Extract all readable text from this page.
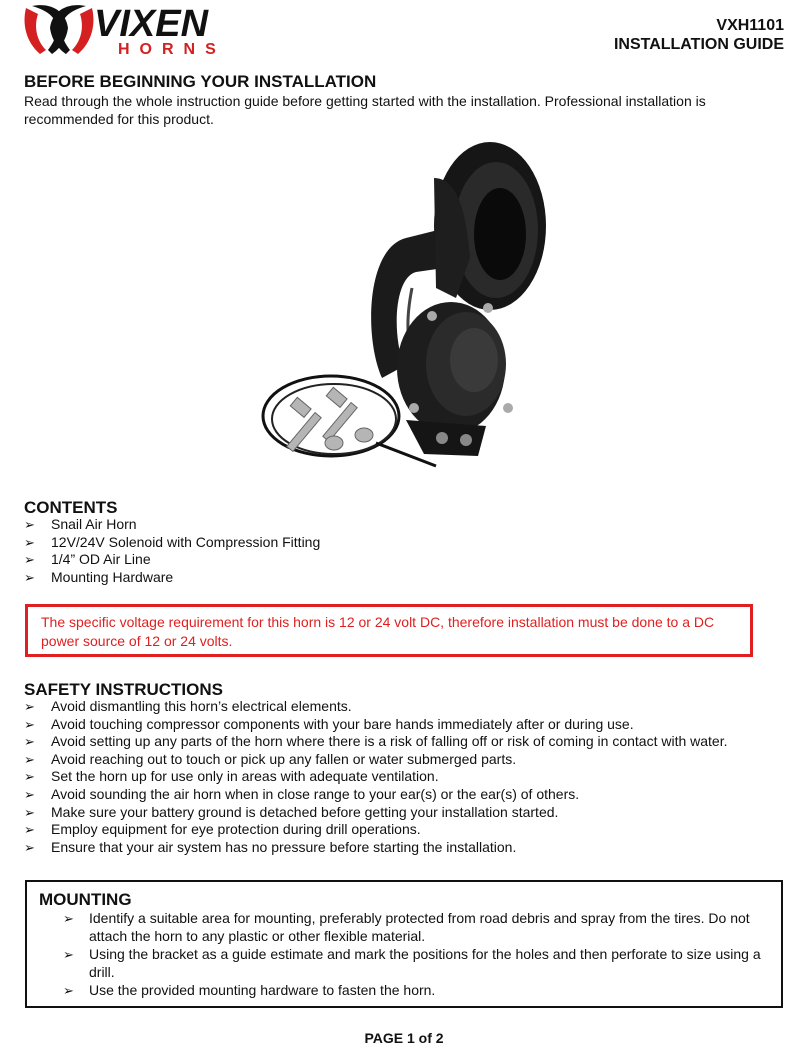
VIXEN
HORNS
VXH1101
INSTALLATION GUIDE
BEFORE BEGINNING YOUR INSTALLATION
Read through the whole instruction guide before getting started with the installation. Professional installation is recommended for this product.
CONTENTS
➢ Snail Air Horn
➢ 12V/24V Solenoid with Compression Fitting
➢ 1/4” OD Air Line
➢ Mounting Hardware
The specific voltage requirement for this horn is 12 or 24 volt DC, therefore installation must be done to a DC power source of 12 or 24 volts.
SAFETY INSTRUCTIONS
➢ Avoid dismantling this horn’s electrical elements.
➢ Avoid touching compressor components with your bare hands immediately after or during use.
➢ Avoid setting up any parts of the horn where there is a risk of falling off or risk of coming in contact with water.
➢ Avoid reaching out to touch or pick up any fallen or water submerged parts.
➢ Set the horn up for use only in areas with adequate ventilation.
➢ Avoid sounding the air horn when in close range to your ear(s) or the ear(s) of others.
➢ Make sure your battery ground is detached before getting your installation started.
➢ Employ equipment for eye protection during drill operations.
➢ Ensure that your air system has no pressure before starting the installation.
MOUNTING
➢ Identify a suitable area for mounting, preferably protected from road debris and spray from the tires. Do not attach the horn to any plastic or other flexible material.
➢ Using the bracket as a guide estimate and mark the positions for the holes and then perforate to size using a drill.
➢ Use the provided mounting hardware to fasten the horn.
PAGE 1 of 2
